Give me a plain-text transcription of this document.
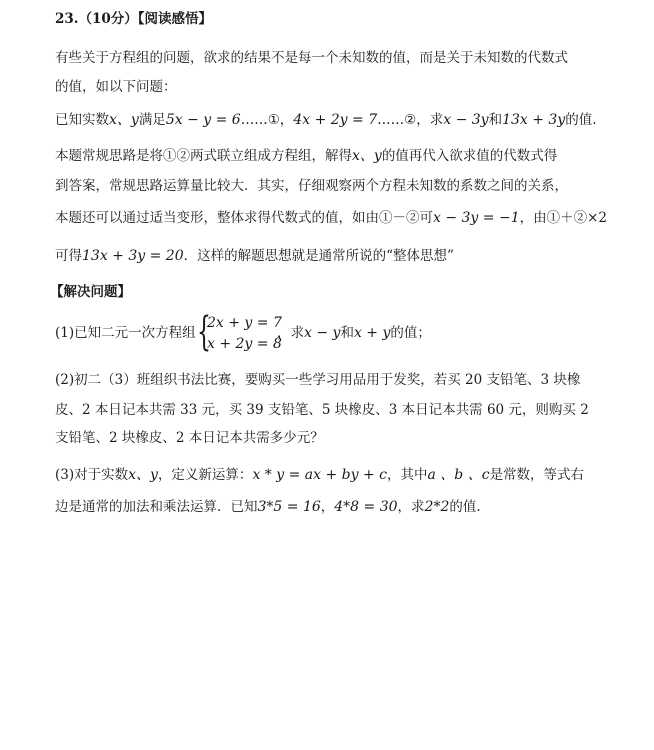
23.（10分）【阅读感悟】
有些关于方程组的问题，欲求的结果不是每一个未知数的值，而是关于未知数的代数式
的值，如以下问题：
已知实数x、y满足5x − y = 6……①，4x + 2y = 7……②，求x − 3y和13x + 3y的值.
本题常规思路是将①②两式联立组成方程组，解得x、y的值再代入欲求值的代数式得
到答案，常规思路运算量比较大．其实，仔细观察两个方程未知数的系数之间的关系，
本题还可以通过适当变形，整体求得代数式的值，如由①－②可x − 3y = −1，由①＋②×2
可得13x + 3y = 20．这样的解题思想就是通常所说的“整体思想”
【解决问题】
(1)已知二元一次方程组 {
2x + y = 7
x + 2y = 8
，求x − y和x + y的值；
(2)初二（3）班组织书法比赛，要购买一些学习用品用于发奖，若买 20 支铅笔、3 块橡
皮、2 本日记本共需 33 元，买 39 支铅笔、5 块橡皮、3 本日记本共需 60 元，则购买 2
支铅笔、2 块橡皮、2 本日记本共需多少元？
(3)对于实数x、y，定义新运算：x * y = ax + by + c，其中a 、b 、c是常数，等式右
边是通常的加法和乘法运算．已知3*5 = 16，4*8 = 30，求2*2的值.
